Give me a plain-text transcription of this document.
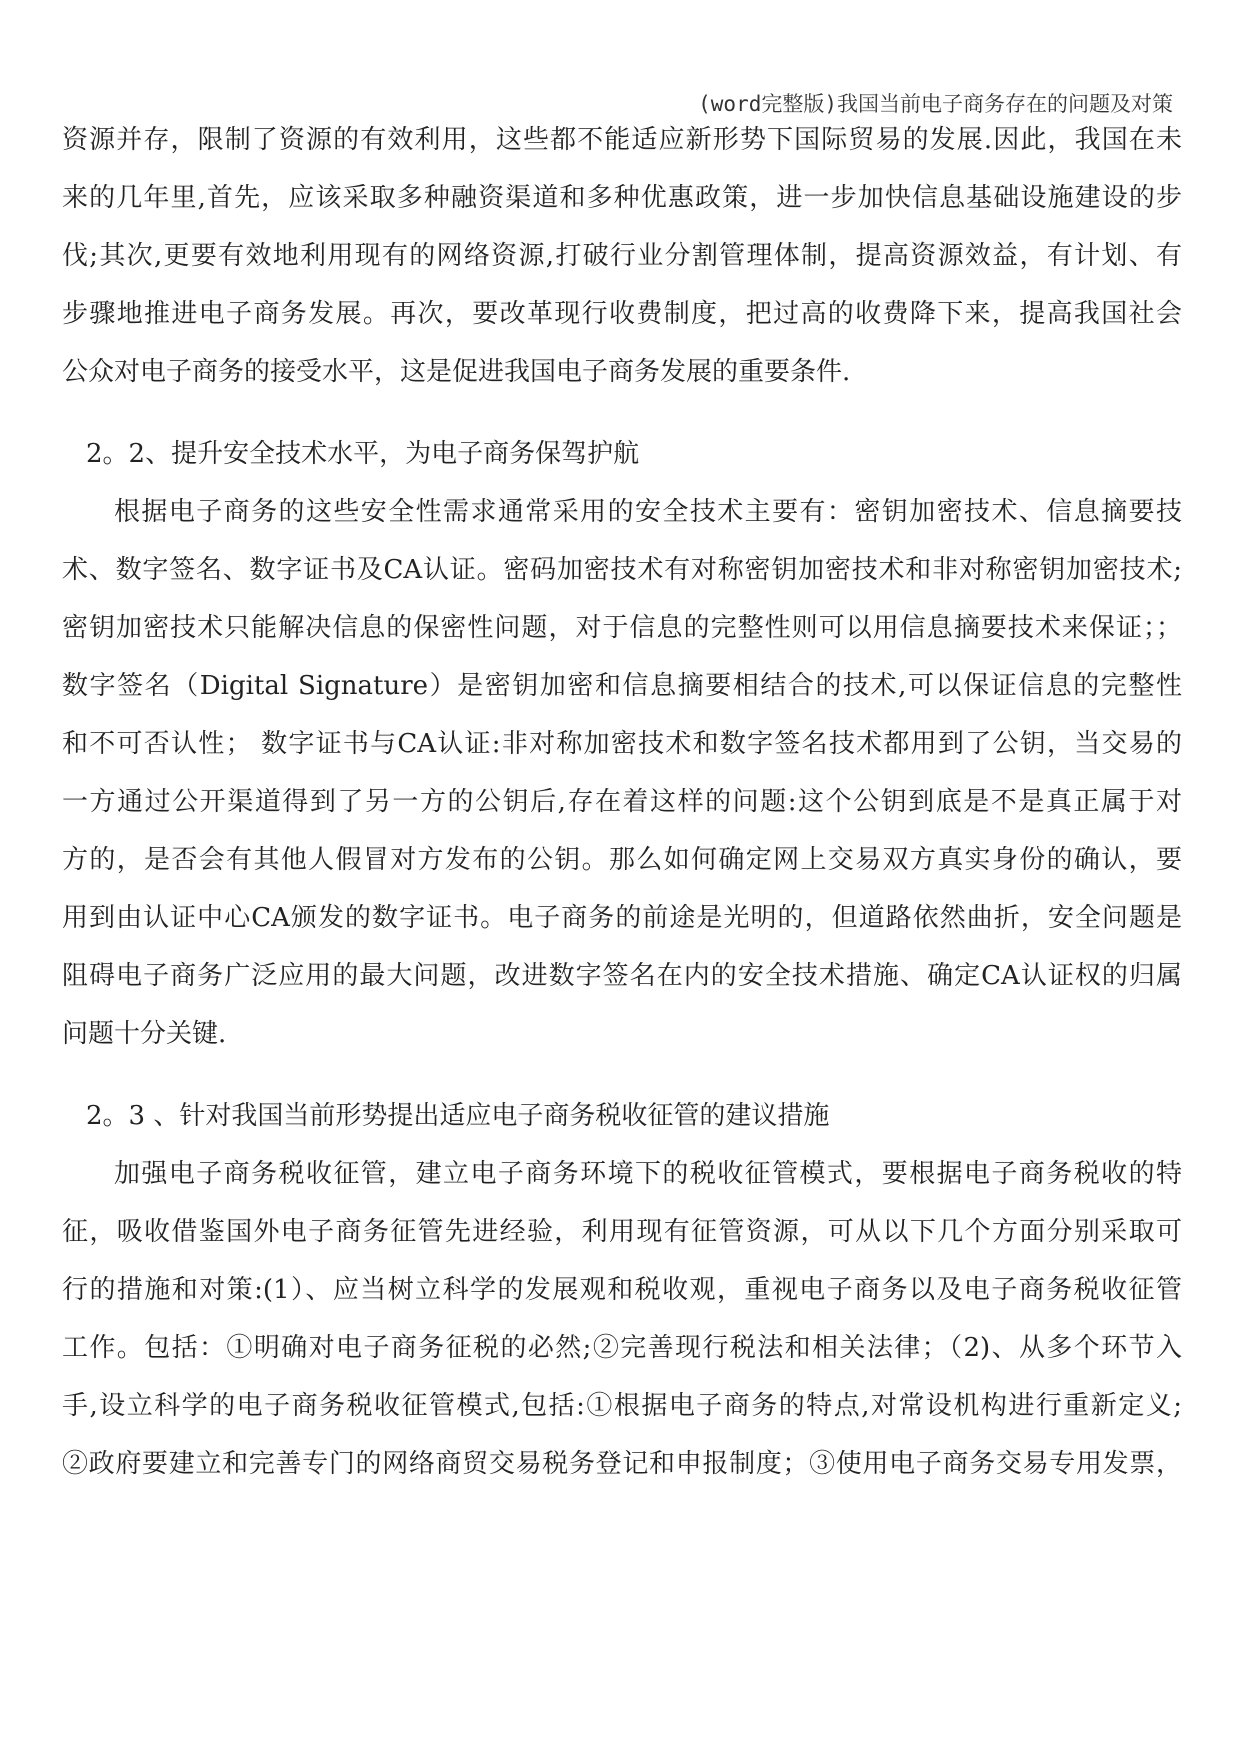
(word完整版)我国当前电子商务存在的问题及对策
资源并存，限制了资源的有效利用，这些都不能适应新形势下国际贸易的发展.因此，我国在未
来的几年里,首先，应该采取多种融资渠道和多种优惠政策，进一步加快信息基础设施建设的步
伐;其次,更要有效地利用现有的网络资源,打破行业分割管理体制，提高资源效益，有计划、有
步骤地推进电子商务发展。再次，要改革现行收费制度，把过高的收费降下来，提高我国社会
公众对电子商务的接受水平，这是促进我国电子商务发展的重要条件.
2。2、提升安全技术水平，为电子商务保驾护航
根据电子商务的这些安全性需求通常采用的安全技术主要有：密钥加密技术、信息摘要技
术、数字签名、数字证书及CA认证。密码加密技术有对称密钥加密技术和非对称密钥加密技术;
密钥加密技术只能解决信息的保密性问题，对于信息的完整性则可以用信息摘要技术来保证；；
数字签名（Digital Signature）是密钥加密和信息摘要相结合的技术,可以保证信息的完整性
和不可否认性； 数字证书与CA认证:非对称加密技术和数字签名技术都用到了公钥，当交易的
一方通过公开渠道得到了另一方的公钥后,存在着这样的问题:这个公钥到底是不是真正属于对
方的，是否会有其他人假冒对方发布的公钥。那么如何确定网上交易双方真实身份的确认，要
用到由认证中心CA颁发的数字证书。电子商务的前途是光明的，但道路依然曲折，安全问题是
阻碍电子商务广泛应用的最大问题，改进数字签名在内的安全技术措施、确定CA认证权的归属
问题十分关键.
2。3 、针对我国当前形势提出适应电子商务税收征管的建议措施
加强电子商务税收征管，建立电子商务环境下的税收征管模式，要根据电子商务税收的特
征，吸收借鉴国外电子商务征管先进经验，利用现有征管资源，可从以下几个方面分别采取可
行的措施和对策:(1）、应当树立科学的发展观和税收观，重视电子商务以及电子商务税收征管
工作。包括：①明确对电子商务征税的必然;②完善现行税法和相关法律；（2)、从多个环节入
手,设立科学的电子商务税收征管模式,包括:①根据电子商务的特点,对常设机构进行重新定义;
②政府要建立和完善专门的网络商贸交易税务登记和申报制度；③使用电子商务交易专用发票，
